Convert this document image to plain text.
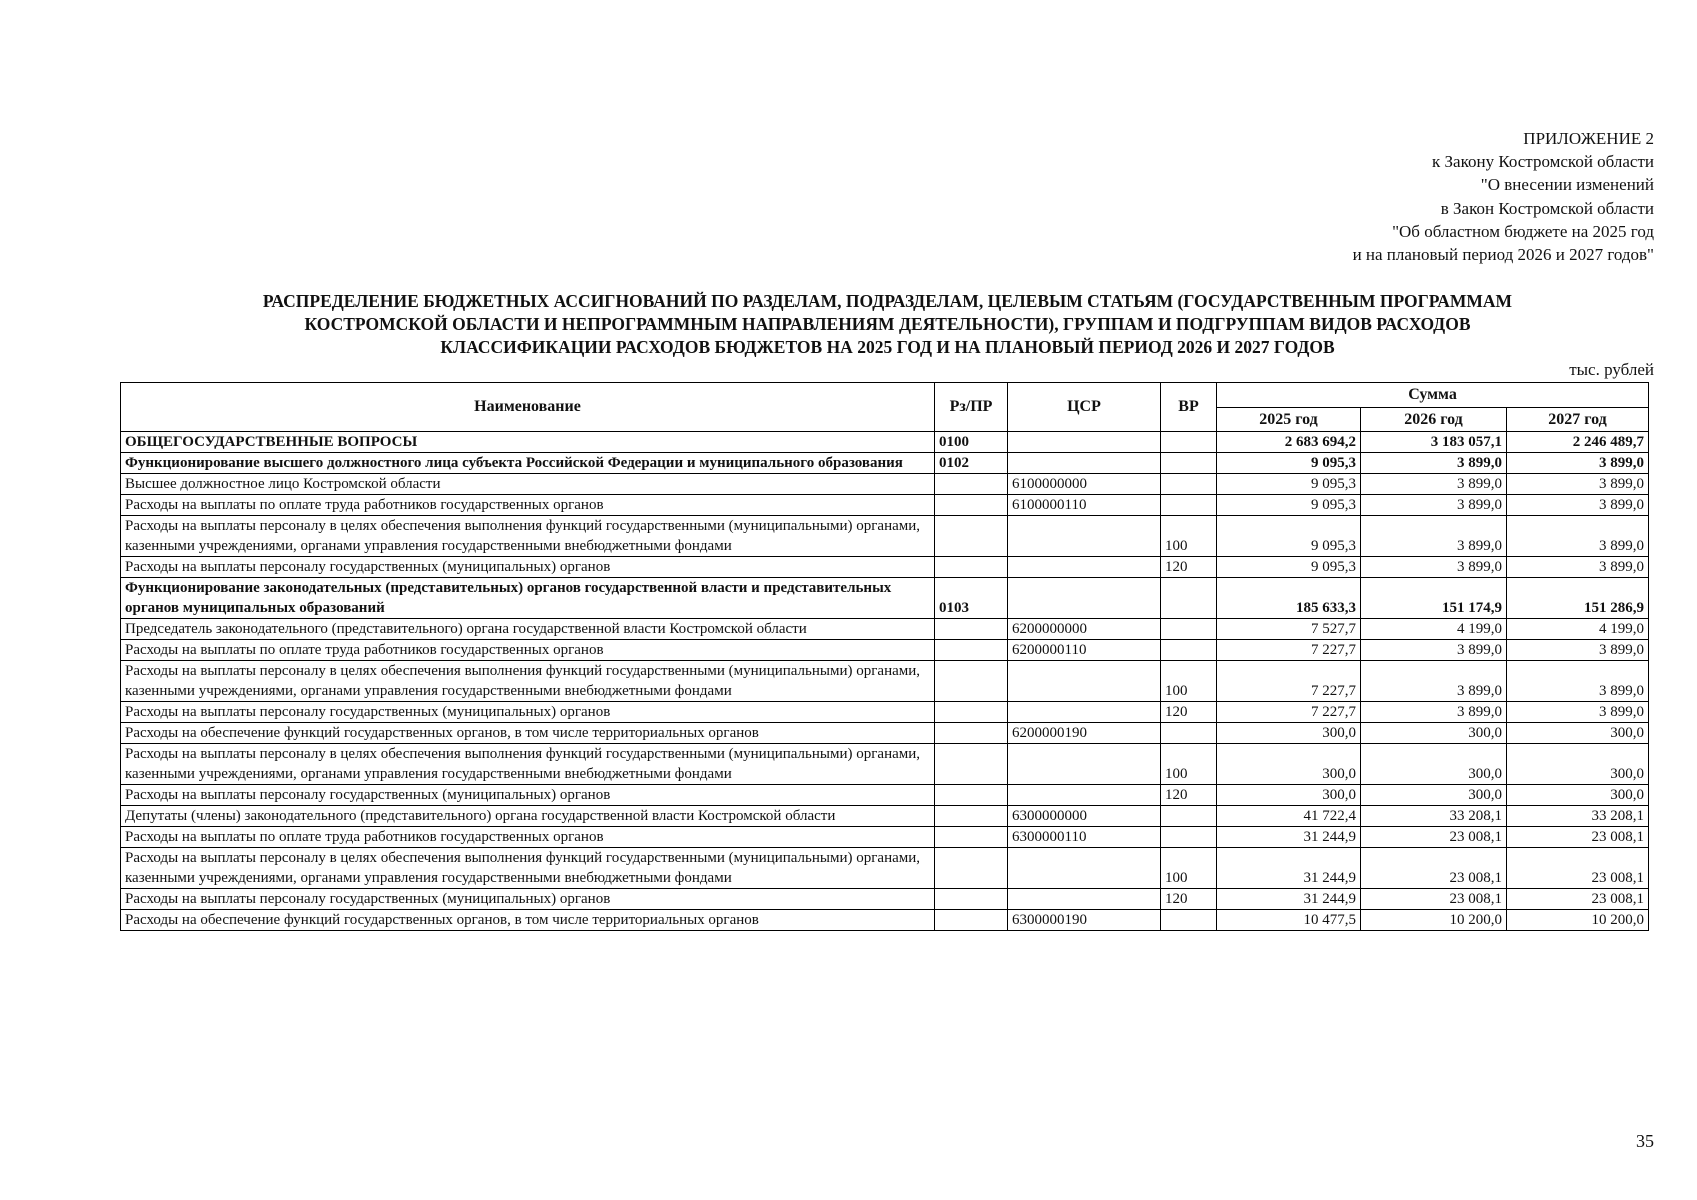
ПРИЛОЖЕНИЕ 2
к Закону Костромской области
"О внесении изменений
в Закон Костромской области
"Об областном бюджете на 2025 год
и на плановый период 2026 и 2027 годов"
РАСПРЕДЕЛЕНИЕ БЮДЖЕТНЫХ АССИГНОВАНИЙ ПО РАЗДЕЛАМ, ПОДРАЗДЕЛАМ, ЦЕЛЕВЫМ СТАТЬЯМ (ГОСУДАРСТВЕННЫМ ПРОГРАММАМ
КОСТРОМСКОЙ ОБЛАСТИ И НЕПРОГРАММНЫМ НАПРАВЛЕНИЯМ ДЕЯТЕЛЬНОСТИ), ГРУППАМ И ПОДГРУППАМ ВИДОВ РАСХОДОВ
КЛАССИФИКАЦИИ РАСХОДОВ БЮДЖЕТОВ НА 2025 ГОД И НА ПЛАНОВЫЙ ПЕРИОД 2026 И 2027 ГОДОВ
тыс. рублей
Наименование	Рз/ПР	ЦСР	ВР	Сумма		
				2025 год	2026 год	2027 год
ОБЩЕГОСУДАРСТВЕННЫЕ ВОПРОСЫ	0100			2 683 694,2	3 183 057,1	2 246 489,7
Функционирование высшего должностного лица субъекта Российской Федерации и муниципального образования	0102			9 095,3	3 899,0	3 899,0
Высшее должностное лицо Костромской области		6100000000		9 095,3	3 899,0	3 899,0
Расходы на выплаты по оплате труда работников государственных органов		6100000110		9 095,3	3 899,0	3 899,0
Расходы на выплаты персоналу в целях обеспечения выполнения функций государственными (муниципальными) органами, казенными учреждениями, органами управления государственными внебюджетными фондами			100	9 095,3	3 899,0	3 899,0
Расходы на выплаты персоналу государственных (муниципальных) органов			120	9 095,3	3 899,0	3 899,0
Функционирование законодательных (представительных) органов государственной власти и представительных органов муниципальных образований	0103			185 633,3	151 174,9	151 286,9
Председатель законодательного (представительного) органа государственной власти Костромской области		6200000000		7 527,7	4 199,0	4 199,0
Расходы на выплаты по оплате труда работников государственных органов		6200000110		7 227,7	3 899,0	3 899,0
Расходы на выплаты персоналу в целях обеспечения выполнения функций государственными (муниципальными) органами, казенными учреждениями, органами управления государственными внебюджетными фондами			100	7 227,7	3 899,0	3 899,0
Расходы на выплаты персоналу государственных (муниципальных) органов			120	7 227,7	3 899,0	3 899,0
Расходы на обеспечение функций государственных органов, в том числе территориальных органов		6200000190		300,0	300,0	300,0
Расходы на выплаты персоналу в целях обеспечения выполнения функций государственными (муниципальными) органами, казенными учреждениями, органами управления государственными внебюджетными фондами			100	300,0	300,0	300,0
Расходы на выплаты персоналу государственных (муниципальных) органов			120	300,0	300,0	300,0
Депутаты (члены) законодательного (представительного) органа государственной власти Костромской области		6300000000		41 722,4	33 208,1	33 208,1
Расходы на выплаты по оплате труда работников государственных органов		6300000110		31 244,9	23 008,1	23 008,1
Расходы на выплаты персоналу в целях обеспечения выполнения функций государственными (муниципальными) органами, казенными учреждениями, органами управления государственными внебюджетными фондами			100	31 244,9	23 008,1	23 008,1
Расходы на выплаты персоналу государственных (муниципальных) органов			120	31 244,9	23 008,1	23 008,1
Расходы на обеспечение функций государственных органов, в том числе территориальных органов		6300000190		10 477,5	10 200,0	10 200,0
35
